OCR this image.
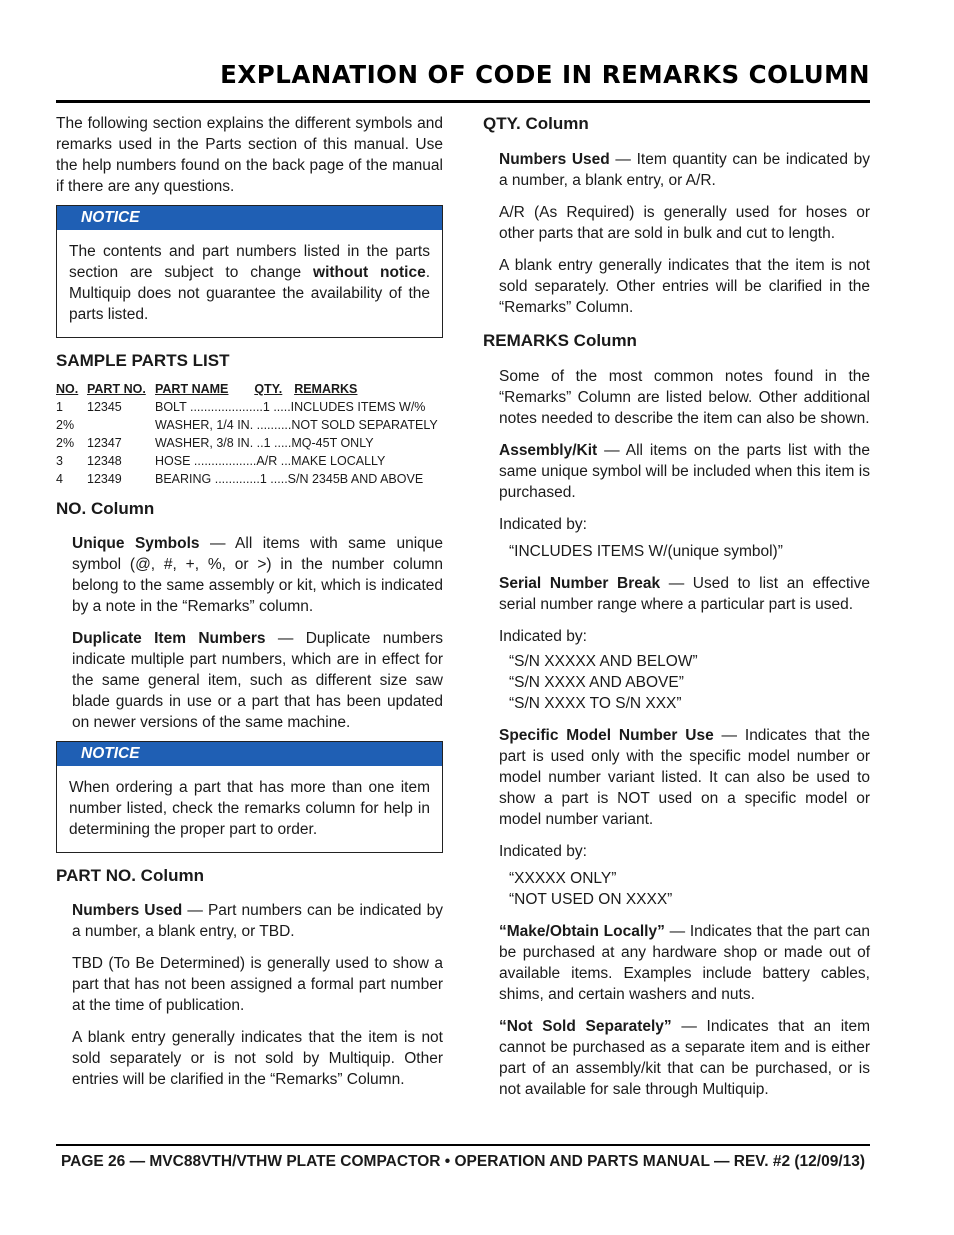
EXPLANATION OF CODE IN REMARKS COLUMN

The following section explains the different symbols and remarks used in the Parts section of this manual. Use the help numbers found on the back page of the manual if there are any questions.

NOTICE

The contents and part numbers listed in the parts section are subject to change without notice. Multiquip does not guarantee the availability of the parts listed.

SAMPLE PARTS LIST
NO.	PART NO.	PART NAME QTY. REMARKS
1	12345	BOLT .....................1 .....INCLUDES ITEMS W/%
2%		WASHER, 1/4 IN. ..........NOT SOLD SEPARATELY
2%	12347	WASHER, 3/8 IN. ..1 .....MQ-45T ONLY
3	12348	HOSE ..................A/R ...MAKE LOCALLY
4	12349	BEARING .............1 .....S/N 2345B AND ABOVE
NO. Column

Unique Symbols — All items with same unique symbol (@, #, +, %, or >) in the number column belong to the same assembly or kit, which is indicated by a note in the “Remarks” column.

Duplicate Item Numbers — Duplicate numbers indicate multiple part numbers, which are in effect for the same general item, such as different size saw blade guards in use or a part that has been updated on newer versions of the same machine.

NOTICE

When ordering a part that has more than one item number listed, check the remarks column for help in determining the proper part to order.

PART NO. Column

Numbers Used — Part numbers can be indicated by a number, a blank entry, or TBD.

TBD (To Be Determined) is generally used to show a part that has not been assigned a formal part number at the time of publication.

A blank entry generally indicates that the item is not sold separately or is not sold by Multiquip. Other entries will be clarified in the “Remarks” Column.

QTY. Column

Numbers Used — Item quantity can be indicated by a number, a blank entry, or A/R.

A/R (As Required) is generally used for hoses or other parts that are sold in bulk and cut to length.

A blank entry generally indicates that the item is not sold separately. Other entries will be clarified in the “Remarks” Column.

REMARKS Column

Some of the most common notes found in the “Remarks” Column are listed below. Other additional notes needed to describe the item can also be shown.

Assembly/Kit — All items on the parts list with the same unique symbol will be included when this item is purchased.

Indicated by:

“INCLUDES ITEMS W/(unique symbol)”

Serial Number Break — Used to list an effective serial number range where a particular part is used.

Indicated by:

“S/N XXXXX AND BELOW”

“S/N XXXX AND ABOVE”

“S/N XXXX TO S/N XXX”

Specific Model Number Use — Indicates that the part is used only with the specific model number or model number variant listed. It can also be used to show a part is NOT used on a specific model or model number variant.

Indicated by:

“XXXXX ONLY”

“NOT USED ON XXXX”

“Make/Obtain Locally” — Indicates that the part can be purchased at any hardware shop or made out of available items. Examples include battery cables, shims, and certain washers and nuts.

“Not Sold Separately” — Indicates that an item cannot be purchased as a separate item and is either part of an assembly/kit that can be purchased, or is not available for sale through Multiquip.

PAGE 26 — MVC88VTH/VTHW PLATE COMPACTOR • OPERATION AND PARTS MANUAL — REV. #2 (12/09/13)
